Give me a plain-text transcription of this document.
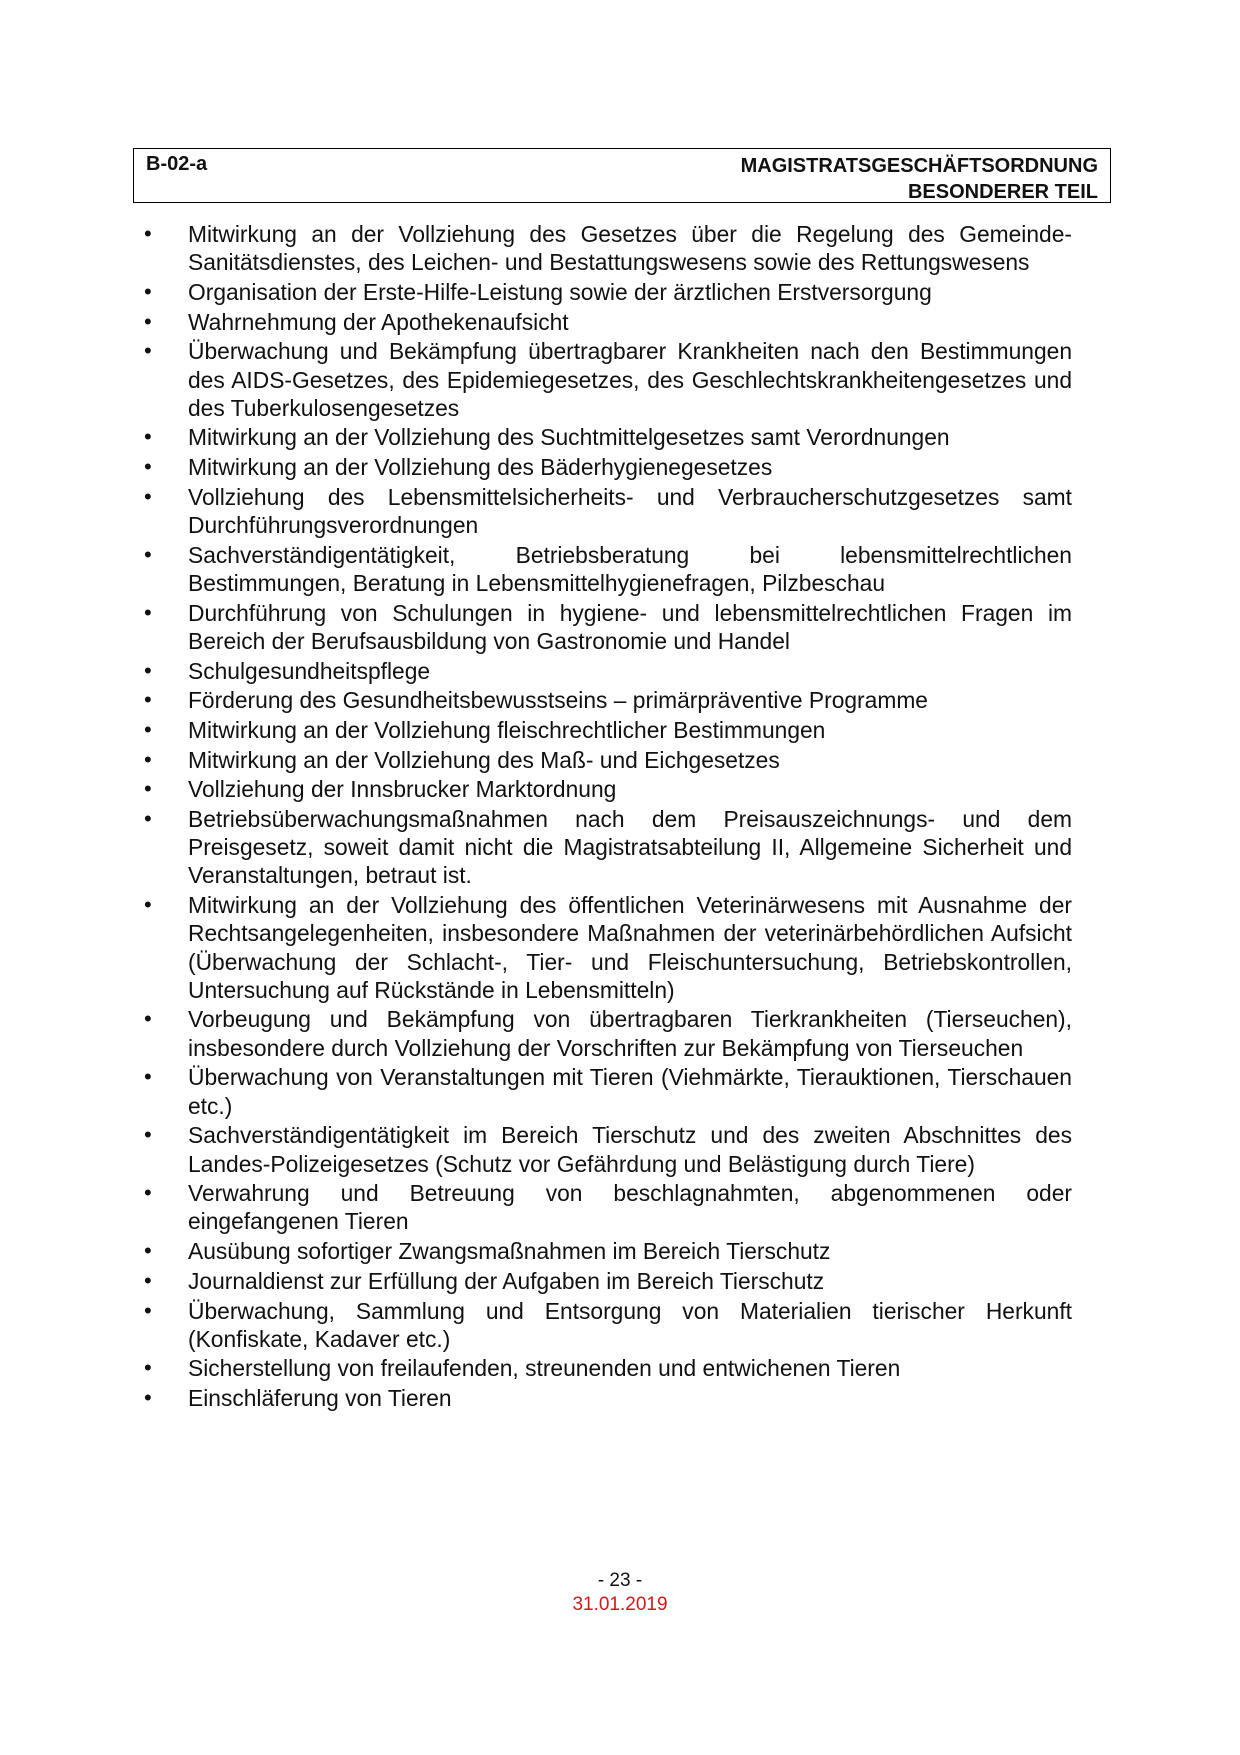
B-02-a	MAGISTRATSGESCHÄFTSORDNUNG
BESONDERER TEIL
• Mitwirkung an der Vollziehung des Gesetzes über die Regelung des Gemeinde-Sanitätsdienstes, des Leichen- und Bestattungswesens sowie des Rettungswesens
• Organisation der Erste-Hilfe-Leistung sowie der ärztlichen Erstversorgung
• Wahrnehmung der Apothekenaufsicht
• Überwachung und Bekämpfung übertragbarer Krankheiten nach den Bestimmungen des AIDS-Gesetzes, des Epidemiegesetzes, des Geschlechtskrankheitengesetzes und des Tuberkulosengesetzes
• Mitwirkung an der Vollziehung des Suchtmittelgesetzes samt Verordnungen
• Mitwirkung an der Vollziehung des Bäderhygienegesetzes
• Vollziehung des Lebensmittelsicherheits- und Verbraucherschutzgesetzes samt Durchführungsverordnungen
• Sachverständigentätigkeit, Betriebsberatung bei lebensmittelrechtlichen Bestimmungen, Beratung in Lebensmittelhygienefragen, Pilzbeschau
• Durchführung von Schulungen in hygiene- und lebensmittelrechtlichen Fragen im Bereich der Berufsausbildung von Gastronomie und Handel
• Schulgesundheitspflege
• Förderung des Gesundheitsbewusstseins – primärpräventive Programme
• Mitwirkung an der Vollziehung fleischrechtlicher Bestimmungen
• Mitwirkung an der Vollziehung des Maß- und Eichgesetzes
• Vollziehung der Innsbrucker Marktordnung
• Betriebsüberwachungsmaßnahmen nach dem Preisauszeichnungs- und dem Preisgesetz, soweit damit nicht die Magistratsabteilung II, Allgemeine Sicherheit und Veranstaltungen, betraut ist.
• Mitwirkung an der Vollziehung des öffentlichen Veterinärwesens mit Ausnahme der Rechtsangelegenheiten, insbesondere Maßnahmen der veterinärbehördlichen Aufsicht (Überwachung der Schlacht-, Tier- und Fleischuntersuchung, Betriebskontrollen, Untersuchung auf Rückstände in Lebensmitteln)
• Vorbeugung und Bekämpfung von übertragbaren Tierkrankheiten (Tierseuchen), insbesondere durch Vollziehung der Vorschriften zur Bekämpfung von Tierseuchen
• Überwachung von Veranstaltungen mit Tieren (Viehmärkte, Tierauktionen, Tierschauen etc.)
• Sachverständigentätigkeit im Bereich Tierschutz und des zweiten Abschnittes des Landes-Polizeigesetzes (Schutz vor Gefährdung und Belästigung durch Tiere)
• Verwahrung und Betreuung von beschlagnahmten, abgenommenen oder eingefangenen Tieren
• Ausübung sofortiger Zwangsmaßnahmen im Bereich Tierschutz
• Journaldienst zur Erfüllung der Aufgaben im Bereich Tierschutz
• Überwachung, Sammlung und Entsorgung von Materialien tierischer Herkunft (Konfiskate, Kadaver etc.)
• Sicherstellung von freilaufenden, streunenden und entwichenen Tieren
• Einschläferung von Tieren
- 23 -
31.01.2019
